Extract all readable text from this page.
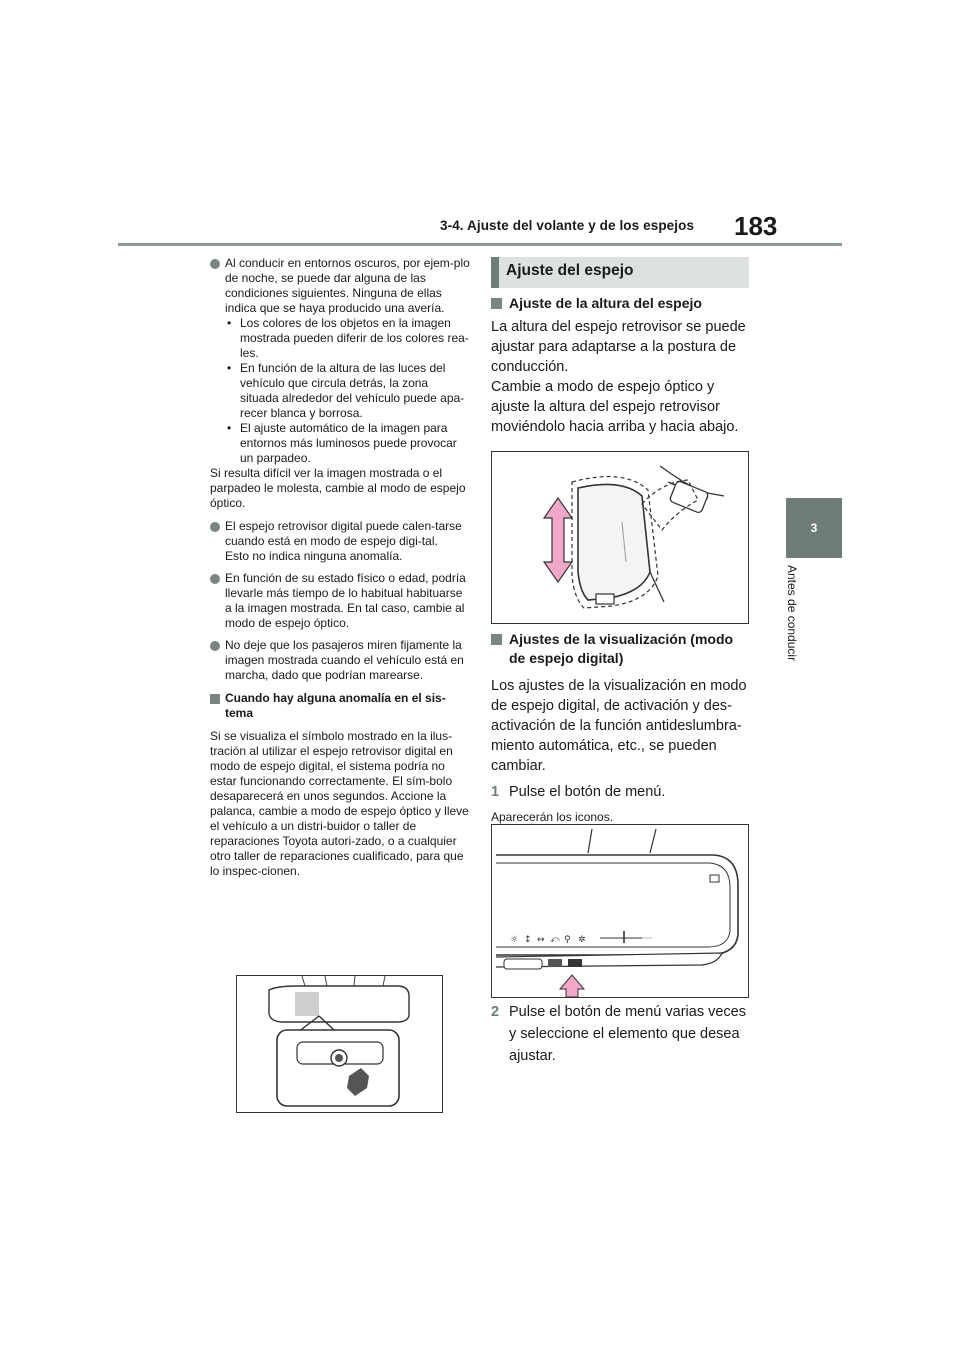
3-4. Ajuste del volante y de los espejos 183
3
Antes de conducir

Al conducir en entornos oscuros, por ejem-plo de noche, se puede dar alguna de las condiciones siguientes. Ninguna de ellas indica que se haya producido una avería.

• Los colores de los objetos en la imagen mostrada pueden diferir de los colores rea-les.

• En función de la altura de las luces del vehículo que circula detrás, la zona situada alrededor del vehículo puede apa-recer blanca y borrosa.

• El ajuste automático de la imagen para entornos más luminosos puede provocar un parpadeo.

Si resulta difícil ver la imagen mostrada o el parpadeo le molesta, cambie al modo de espejo óptico.

El espejo retrovisor digital puede calen-tarse cuando está en modo de espejo digi-tal.

Esto no indica ninguna anomalía.

En función de su estado físico o edad, podría llevarle más tiempo de lo habitual habituarse a la imagen mostrada. En tal caso, cambie al modo de espejo óptico.

No deje que los pasajeros miren fijamente la imagen mostrada cuando el vehículo está en marcha, dado que podrían marearse.

Cuando hay alguna anomalía en el sis-tema

Si se visualiza el símbolo mostrado en la ilus-tración al utilizar el espejo retrovisor digital en modo de espejo digital, el sistema podría no estar funcionando correctamente. El sím-bolo desaparecerá en unos segundos. Accione la palanca, cambie a modo de espejo óptico y lleve el vehículo a un distri-buidor o taller de reparaciones Toyota autori-zado, o a cualquier otro taller de reparaciones cualificado, para que lo inspec-cionen.

Ajuste del espejo

Ajuste de la altura del espejo

La altura del espejo retrovisor se puede ajustar para adaptarse a la postura de conducción.

Cambie a modo de espejo óptico y ajuste la altura del espejo retrovisor moviéndolo hacia arriba y hacia abajo.

Ajustes de la visualización (modo de espejo digital)

Los ajustes de la visualización en modo de espejo digital, de activación y des-activación de la función antideslumbra-miento automática, etc., se pueden cambiar.

1 Pulse el botón de menú.

Aparecerán los iconos.

☼ ↕ ↔ ⤺ ⚲ ✲
2 Pulse el botón de menú varias veces y seleccione el elemento que desea ajustar.
